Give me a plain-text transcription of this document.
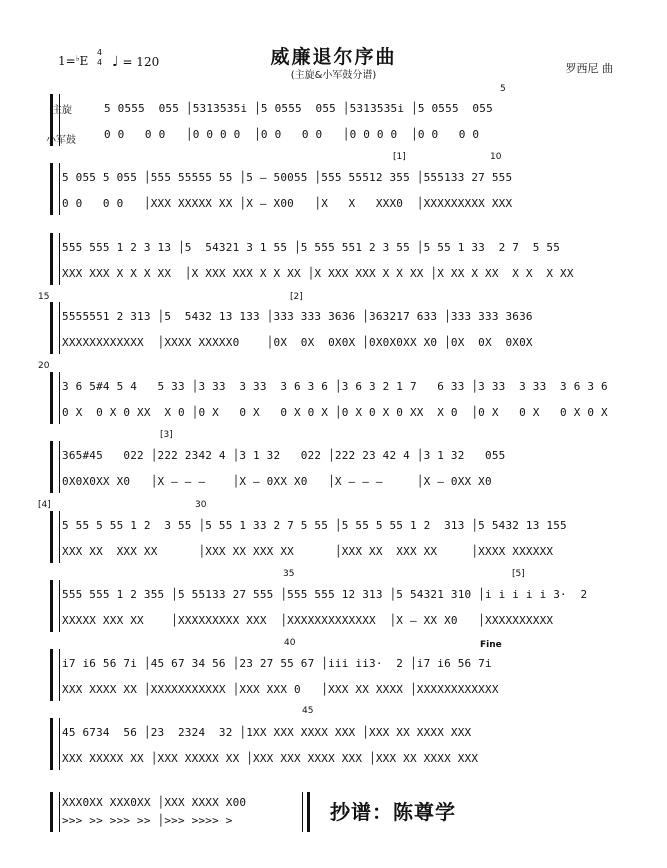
1=♭E
4
4 ♩ = 120	威廉退尔序曲
(主旋&小军鼓分谱)
罗西尼 曲
主旋
小军鼓
5
10
[1]
15	[2]
20
[3]
[4]	30
35	[5]
40	Fine
45
5 0555  055 │5313535i │5 0555  055 │5313535i │5 0555  055
0 0   0 0   │0 0 0 0  │0 0   0 0   │0 0 0 0  │0 0   0 0
5 055 5 055 │555 55555 55 │5 — 50055 │555 55512 355 │555133 27 555
0 0   0 0   │XXX XXXXX XX │X — X00   │X   X   XXX0  │XXXXXXXXX XXX
555 555 1 2 3 13 │5  54321 3 1 55 │5 555 551 2 3 55 │5 55 1 33  2 7  5 55
XXX XXX X X X XX  │X XXX XXX X X XX │X XXX XXX X X XX │X XX X XX  X X  X XX
5555551 2 313 │5  5432 13 133 │333 333 3636 │363217 633 │333 333 3636
XXXXXXXXXXXX  │XXXX XXXXX0    │0X  0X  0X0X │0X0X0XX X0 │0X  0X  0X0X
3 6 5#4 5 4   5 33 │3 33  3 33  3 6 3 6 │3 6 3 2 1 7   6 33 │3 33  3 33  3 6 3 6
0 X  0 X 0 XX  X 0 │0 X   0 X   0 X 0 X │0 X 0 X 0 XX  X 0  │0 X   0 X   0 X 0 X
365#45   022 │222 2342 4 │3 1 32   022 │222 23 42 4 │3 1 32   055
0X0X0XX X0   │X — — —    │X — 0XX X0   │X — — —     │X — 0XX X0
5 55 5 55 1 2  3 55 │5 55 1 33 2 7 5 55 │5 55 5 55 1 2  313 │5 5432 13 155
XXX XX  XXX XX      │XXX XX XXX XX      │XXX XX  XXX XX     │XXXX XXXXXX
555 555 1 2 355 │5 55133 27 555 │555 555 12 313 │5 54321 310 │i i i i i 3·  2
XXXXX XXX XX    │XXXXXXXXX XXX  │XXXXXXXXXXXXX  │X — XX X0   │XXXXXXXXXX
i7 i6 56 7i │45 67 34 56 │23 27 55 67 │iii ii3·  2 │i7 i6 56 7i
XXX XXXX XX │XXXXXXXXXXX │XXX XXX 0   │XXX XX XXXX │XXXXXXXXXXXX
45 6734  56 │23  2324  32 │1XX XXX XXXX XXX │XXX XX XXXX XXX
XXX XXXXX XX │XXX XXXXX XX │XXX XXX XXXX XXX │XXX XX XXXX XXX
XXX0XX XXX0XX │XXX XXXX X00
>>> >> >>> >> │>>> >>>> >	抄谱：陈尊学
